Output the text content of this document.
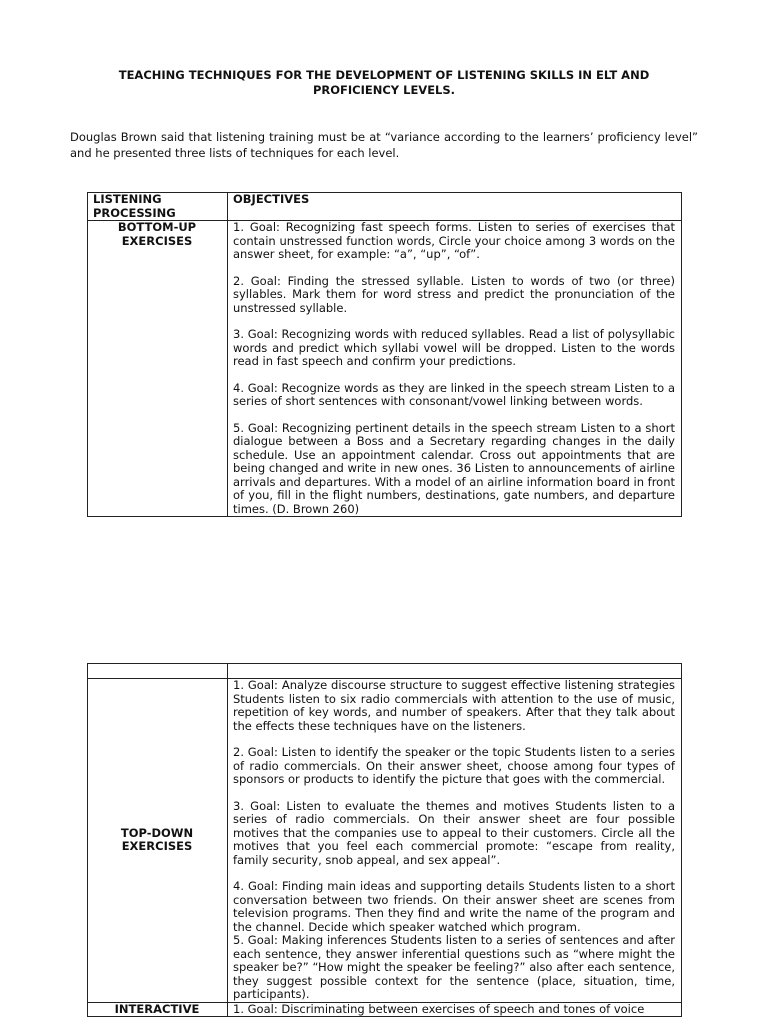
TEACHING TECHNIQUES FOR THE DEVELOPMENT OF LISTENING SKILLS IN ELT AND PROFICIENCY LEVELS.
Douglas Brown said that listening training must be at “variance according to the learners’ proficiency level” and he presented three lists of techniques for each level.
LISTENING PROCESSING	OBJECTIVES
BOTTOM-UP EXERCISES	1. Goal: Recognizing fast speech forms. Listen to series of exercises that contain unstressed function words, Circle your choice among 3 words on the answer sheet, for example: “a”, “up”, “of”.

2. Goal: Finding the stressed syllable. Listen to words of two (or three) syllables. Mark them for word stress and predict the pronunciation of the unstressed syllable.

3. Goal: Recognizing words with reduced syllables. Read a list of polysyllabic words and predict which syllabi vowel will be dropped. Listen to the words read in fast speech and confirm your predictions.

4. Goal: Recognize words as they are linked in the speech stream Listen to a series of short sentences with consonant/vowel linking between words.

5. Goal: Recognizing pertinent details in the speech stream Listen to a short dialogue between a Boss and a Secretary regarding changes in the daily schedule. Use an appointment calendar. Cross out appointments that are being changed and write in new ones. 36 Listen to announcements of airline arrivals and departures. With a model of an airline information board in front of you, fill in the flight numbers, destinations, gate numbers, and departure times. (D. Brown 260)

TOP-DOWN EXERCISES	1. Goal: Analyze discourse structure to suggest effective listening strategies Students listen to six radio commercials with attention to the use of music, repetition of key words, and number of speakers. After that they talk about the effects these techniques have on the listeners.

2. Goal: Listen to identify the speaker or the topic Students listen to a series of radio commercials. On their answer sheet, choose among four types of sponsors or products to identify the picture that goes with the commercial.

3. Goal: Listen to evaluate the themes and motives Students listen to a series of radio commercials. On their answer sheet are four possible motives that the companies use to appeal to their customers. Circle all the motives that you feel each commercial promote: “escape from reality, family security, snob appeal, and sex appeal”.

4. Goal: Finding main ideas and supporting details Students listen to a short conversation between two friends. On their answer sheet are scenes from television programs. Then they find and write the name of the program and the channel. Decide which speaker watched which program.

5. Goal: Making inferences Students listen to a series of sentences and after each sentence, they answer inferential questions such as “where might the speaker be?” “How might the speaker be feeling?” also after each sentence, they suggest possible context for the sentence (place, situation, time, participants).

INTERACTIVE	1. Goal: Discriminating between exercises of speech and tones of voice
